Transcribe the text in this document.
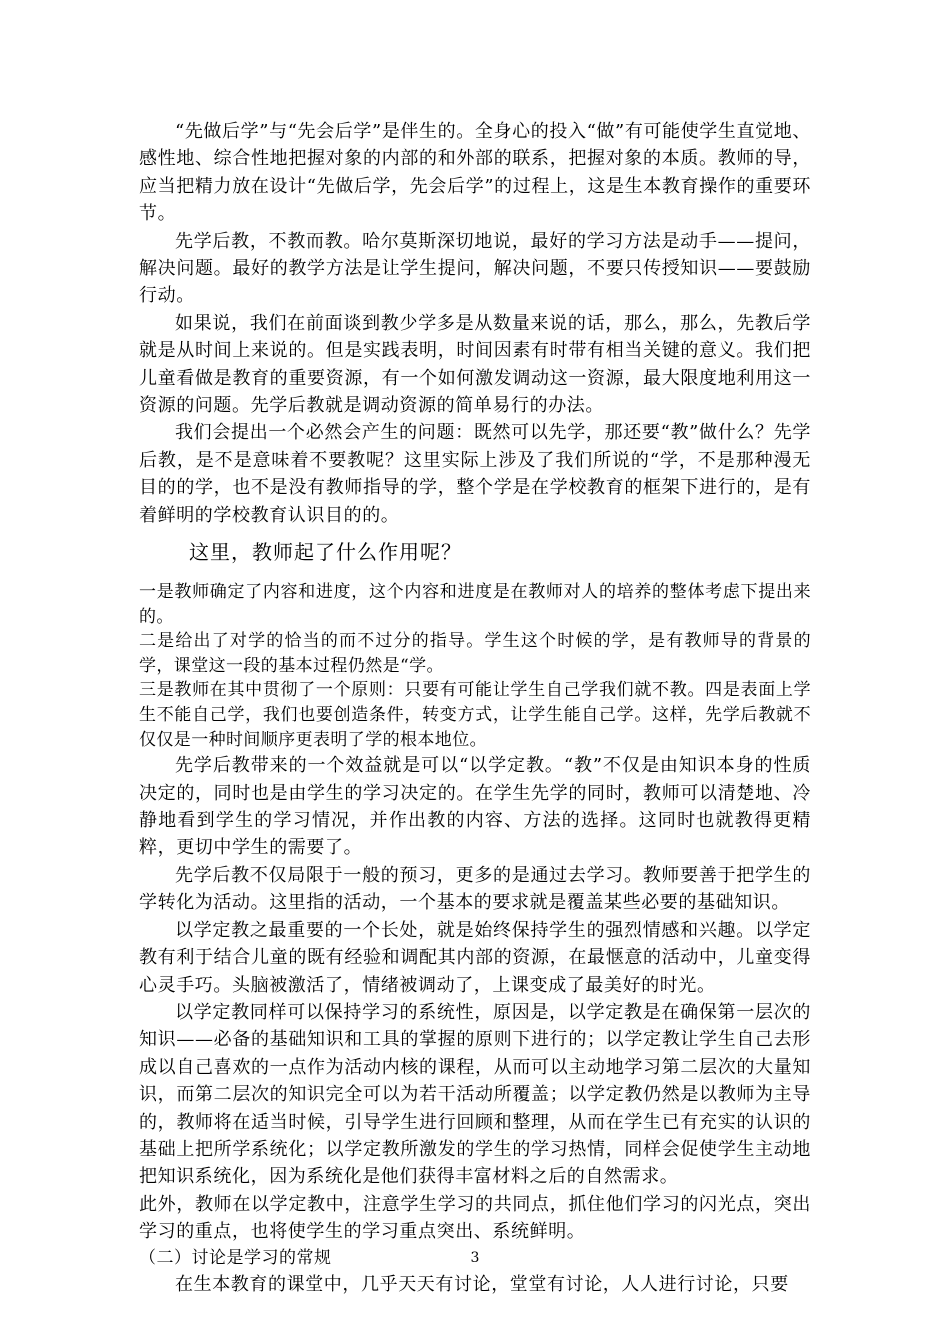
“先做后学”与“先会后学”是伴生的。全身心的投入“做”有可能使学生直觉地、感性地、综合性地把握对象的内部的和外部的联系，把握对象的本质。教师的导，应当把精力放在设计“先做后学，先会后学”的过程上，这是生本教育操作的重要环节。

先学后教，不教而教。哈尔莫斯深切地说，最好的学习方法是动手——提问，解决问题。最好的教学方法是让学生提问，解决问题，不要只传授知识——要鼓励行动。

如果说，我们在前面谈到教少学多是从数量来说的话，那么，那么，先教后学就是从时间上来说的。但是实践表明，时间因素有时带有相当关键的意义。我们把儿童看做是教育的重要资源，有一个如何激发调动这一资源，最大限度地利用这一资源的问题。先学后教就是调动资源的简单易行的办法。

我们会提出一个必然会产生的问题：既然可以先学，那还要“教”做什么？先学后教，是不是意味着不要教呢？这里实际上涉及了我们所说的“学，不是那种漫无目的的学，也不是没有教师指导的学，整个学是在学校教育的框架下进行的，是有着鲜明的学校教育认识目的的。

这里，教师起了什么作用呢？

一是教师确定了内容和进度，这个内容和进度是在教师对人的培养的整体考虑下提出来的。

二是给出了对学的恰当的而不过分的指导。学生这个时候的学，是有教师导的背景的学，课堂这一段的基本过程仍然是“学。

三是教师在其中贯彻了一个原则：只要有可能让学生自己学我们就不教。四是表面上学生不能自己学，我们也要创造条件，转变方式，让学生能自己学。这样，先学后教就不仅仅是一种时间顺序更表明了学的根本地位。

先学后教带来的一个效益就是可以“以学定教。“教”不仅是由知识本身的性质决定的，同时也是由学生的学习决定的。在学生先学的同时，教师可以清楚地、冷静地看到学生的学习情况，并作出教的内容、方法的选择。这同时也就教得更精粹，更切中学生的需要了。

先学后教不仅局限于一般的预习，更多的是通过去学习。教师要善于把学生的学转化为活动。这里指的活动，一个基本的要求就是覆盖某些必要的基础知识。

以学定教之最重要的一个长处，就是始终保持学生的强烈情感和兴趣。以学定教有利于结合儿童的既有经验和调配其内部的资源，在最惬意的活动中，儿童变得心灵手巧。头脑被激活了，情绪被调动了，上课变成了最美好的时光。

以学定教同样可以保持学习的系统性，原因是，以学定教是在确保第一层次的知识——必备的基础知识和工具的掌握的原则下进行的；以学定教让学生自己去形成以自己喜欢的一点作为活动内核的课程，从而可以主动地学习第二层次的大量知识，而第二层次的知识完全可以为若干活动所覆盖；以学定教仍然是以教师为主导的，教师将在适当时候，引导学生进行回顾和整理，从而在学生已有充实的认识的基础上把所学系统化；以学定教所激发的学生的学习热情，同样会促使学生主动地把知识系统化，因为系统化是他们获得丰富材料之后的自然需求。

此外，教师在以学定教中，注意学生学习的共同点，抓住他们学习的闪光点，突出学习的重点，也将使学生的学习重点突出、系统鲜明。

（二）讨论是学习的常规

在生本教育的课堂中，几乎天天有讨论，堂堂有讨论，人人进行讨论，只要

3
